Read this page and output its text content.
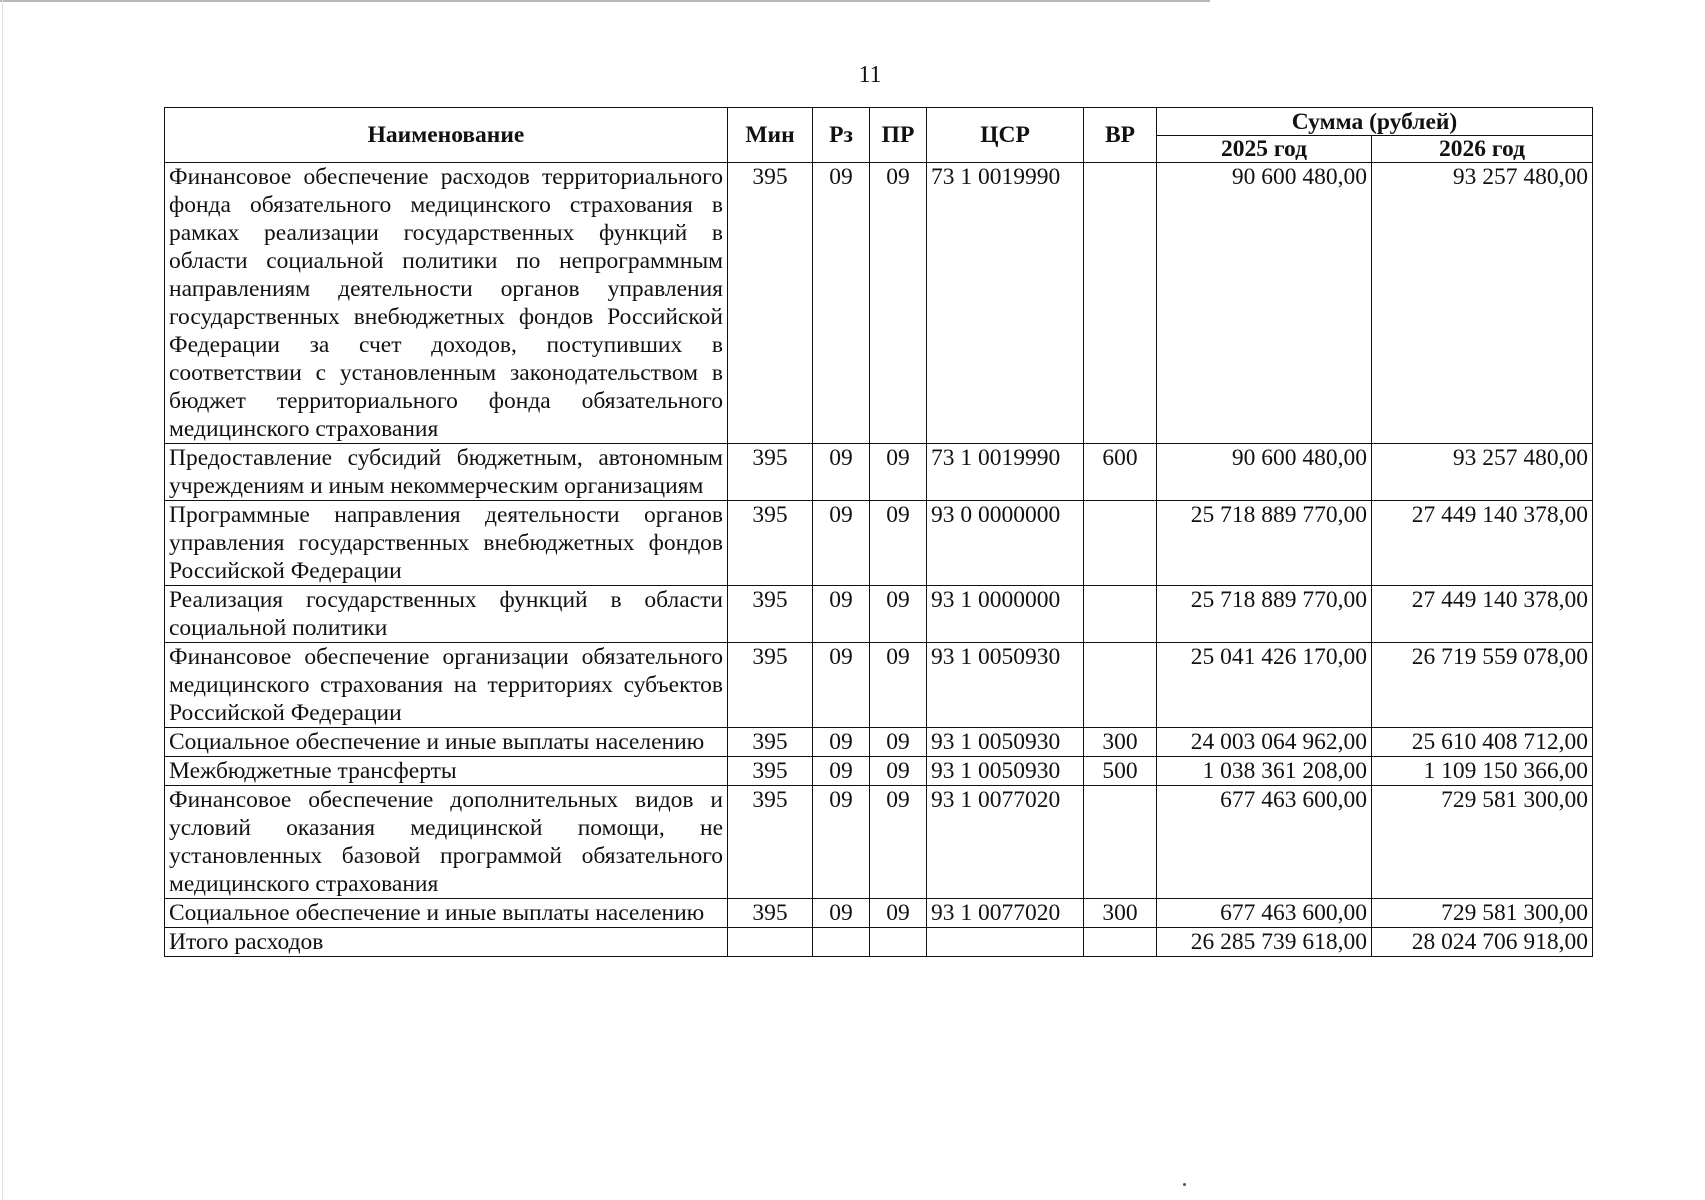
11
Наименование	Мин	Рз	ПР	ЦСР	ВР	Сумма (рублей)	
						2025 год	2026 год
Финансовое обеспечение расходов территориального фонда обязательного медицинского страхования в рамках реализации государственных функций в области социальной политики по непрограммным направлениям деятельности органов управления государственных внебюджетных фондов Российской Федерации за счет доходов, поступивших в соответствии с установленным законодательством в бюджет территориального фонда обязательного медицинского страхования	395	09	09	73 1 0019990		90 600 480,00	93 257 480,00
Предоставление субсидий бюджетным, автономным учреждениям и иным некоммерческим организациям	395	09	09	73 1 0019990	600	90 600 480,00	93 257 480,00
Программные направления деятельности органов управления государственных внебюджетных фондов Российской Федерации	395	09	09	93 0 0000000		25 718 889 770,00	27 449 140 378,00
Реализация государственных функций в области социальной политики	395	09	09	93 1 0000000		25 718 889 770,00	27 449 140 378,00
Финансовое обеспечение организации обязательного медицинского страхования на территориях субъектов Российской Федерации	395	09	09	93 1 0050930		25 041 426 170,00	26 719 559 078,00
Социальное обеспечение и иные выплаты населению	395	09	09	93 1 0050930	300	24 003 064 962,00	25 610 408 712,00
Межбюджетные трансферты	395	09	09	93 1 0050930	500	1 038 361 208,00	1 109 150 366,00
Финансовое обеспечение дополнительных видов и условий оказания медицинской помощи, не установленных базовой программой обязательного медицинского страхования	395	09	09	93 1 0077020		677 463 600,00	729 581 300,00
Социальное обеспечение и иные выплаты населению	395	09	09	93 1 0077020	300	677 463 600,00	729 581 300,00
Итого расходов						26 285 739 618,00	28 024 706 918,00
